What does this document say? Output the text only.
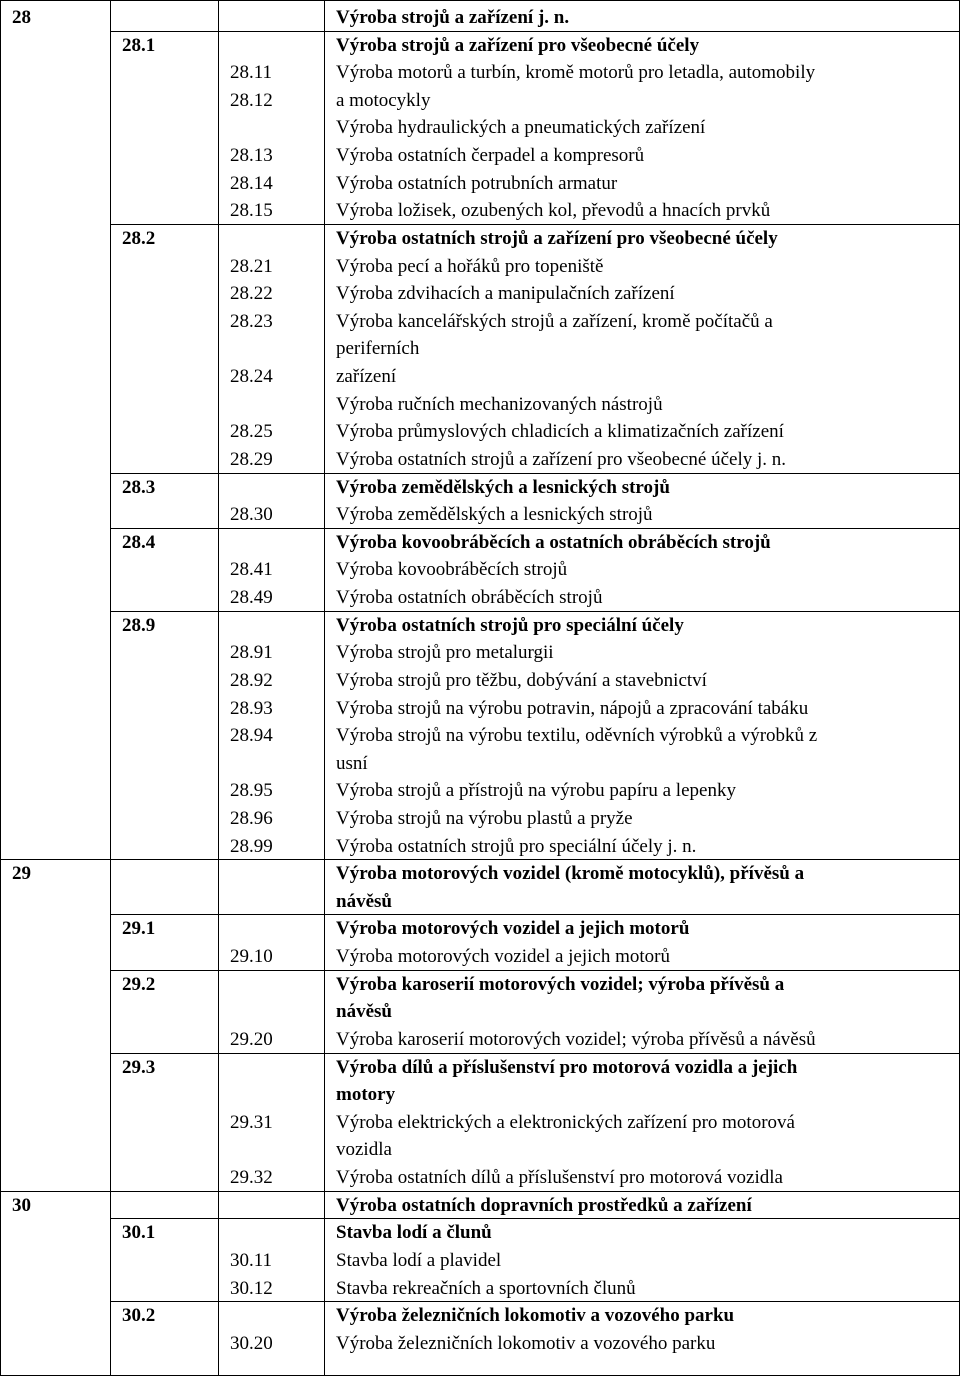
28	Výroba strojů a zařízení j. n.
28.1	Výroba strojů a zařízení pro všeobecné účely
28.11	Výroba motorů a turbín, kromě motorů pro letadla, automobily
28.12	a motocykly
Výroba hydraulických a pneumatických zařízení
28.13	Výroba ostatních čerpadel a kompresorů
28.14	Výroba ostatních potrubních armatur
28.15	Výroba ložisek, ozubených kol, převodů a hnacích prvků
28.2	Výroba ostatních strojů a zařízení pro všeobecné účely
28.21	Výroba pecí a hořáků pro topeniště
28.22	Výroba zdvihacích a manipulačních zařízení
28.23	Výroba kancelářských strojů a zařízení, kromě počítačů a
periferních
28.24	zařízení
Výroba ručních mechanizovaných nástrojů
28.25	Výroba průmyslových chladicích a klimatizačních zařízení
28.29	Výroba ostatních strojů a zařízení pro všeobecné účely j. n.
28.3	Výroba zemědělských a lesnických strojů
28.30	Výroba zemědělských a lesnických strojů
28.4	Výroba kovoobráběcích a ostatních obráběcích strojů
28.41	Výroba kovoobráběcích strojů
28.49	Výroba ostatních obráběcích strojů
28.9	Výroba ostatních strojů pro speciální účely
28.91	Výroba strojů pro metalurgii
28.92	Výroba strojů pro těžbu, dobývání a stavebnictví
28.93	Výroba strojů na výrobu potravin, nápojů a zpracování tabáku
28.94	Výroba strojů na výrobu textilu, oděvních výrobků a výrobků z
usní
28.95	Výroba strojů a přístrojů na výrobu papíru a lepenky
28.96	Výroba strojů na výrobu plastů a pryže
28.99	Výroba ostatních strojů pro speciální účely j. n.
29	Výroba motorových vozidel (kromě motocyklů), přívěsů a
návěsů
29.1	Výroba motorových vozidel a jejich motorů
29.10	Výroba motorových vozidel a jejich motorů
29.2	Výroba karoserií motorových vozidel; výroba přívěsů a
návěsů
29.20	Výroba karoserií motorových vozidel; výroba přívěsů a návěsů
29.3	Výroba dílů a příslušenství pro motorová vozidla a jejich
motory
29.31	Výroba elektrických a elektronických zařízení pro motorová
vozidla
29.32	Výroba ostatních dílů a příslušenství pro motorová vozidla
30	Výroba ostatních dopravních prostředků a zařízení
30.1	Stavba lodí a člunů
30.11	Stavba lodí a plavidel
30.12	Stavba rekreačních a sportovních člunů
30.2	Výroba železničních lokomotiv a vozového parku
30.20	Výroba železničních lokomotiv a vozového parku
